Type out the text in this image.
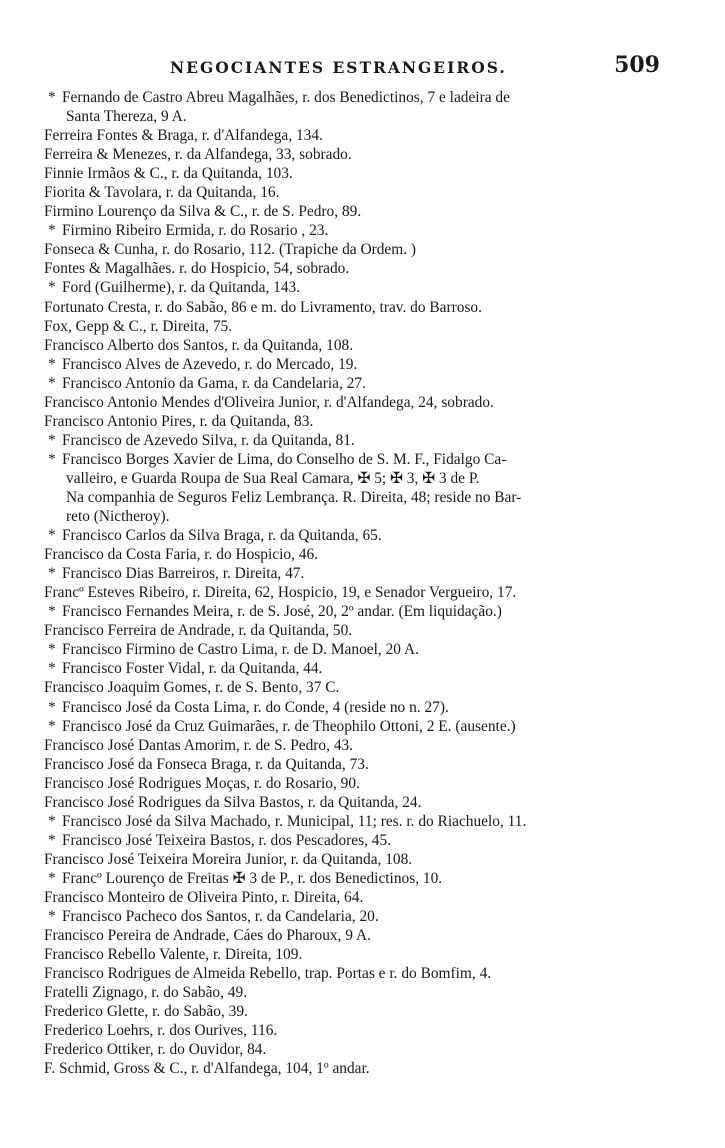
NEGOCIANTES ESTRANGEIROS.	509
* Fernando de Castro Abreu Magalhães, r. dos Benedictinos, 7 e ladeira de
Santa Thereza, 9 A.
Ferreira Fontes & Braga, r. d'Alfandega, 134.
Ferreira & Menezes, r. da Alfandega, 33, sobrado.
Finnie Irmãos & C., r. da Quitanda, 103.
Fiorita & Tavolara, r. da Quitanda, 16.
Firmino Lourenço da Silva & C., r. de S. Pedro, 89.
* Firmino Ribeiro Ermida, r. do Rosario , 23.
Fonseca & Cunha, r. do Rosario, 112. (Trapiche da Ordem. )
Fontes & Magalhães. r. do Hospicio, 54, sobrado.
* Ford (Guilherme), r. da Quitanda, 143.
Fortunato Cresta, r. do Sabão, 86 e m. do Livramento, trav. do Barroso.
Fox, Gepp & C., r. Direita, 75.
Francisco Alberto dos Santos, r. da Quitanda, 108.
* Francisco Alves de Azevedo, r. do Mercado, 19.
* Francisco Antonio da Gama, r. da Candelaria, 27.
Francisco Antonio Mendes d'Oliveira Junior, r. d'Alfandega, 24, sobrado.
Francisco Antonio Pires, r. da Quitanda, 83.
* Francisco de Azevedo Silva, r. da Quitanda, 81.
* Francisco Borges Xavier de Lima, do Conselho de S. M. F., Fidalgo Ca-
valleiro, e Guarda Roupa de Sua Real Camara, ✠ 5; ✠ 3, ✠ 3 de P.
Na companhia de Seguros Feliz Lembrança. R. Direita, 48; reside no Bar-
reto (Nictheroy).
* Francisco Carlos da Silva Braga, r. da Quitanda, 65.
Francisco da Costa Faria, r. do Hospicio, 46.
* Francisco Dias Barreiros, r. Direita, 47.
Francº Esteves Ribeiro, r. Direita, 62, Hospicio, 19, e Senador Vergueiro, 17.
* Francisco Fernandes Meira, r. de S. José, 20, 2º andar. (Em liquidação.)
Francisco Ferreira de Andrade, r. da Quitanda, 50.
* Francisco Firmino de Castro Lima, r. de D. Manoel, 20 A.
* Francisco Foster Vidal, r. da Quitanda, 44.
Francisco Joaquim Gomes, r. de S. Bento, 37 C.
* Francisco José da Costa Lima, r. do Conde, 4 (reside no n. 27).
* Francisco José da Cruz Guimarães, r. de Theophilo Ottoni, 2 E. (ausente.)
Francisco José Dantas Amorim, r. de S. Pedro, 43.
Francisco José da Fonseca Braga, r. da Quitanda, 73.
Francisco José Rodrigues Moças, r. do Rosario, 90.
Francisco José Rodrigues da Silva Bastos, r. da Quitanda, 24.
* Francisco José da Silva Machado, r. Municipal, 11; res. r. do Riachuelo, 11.
* Francisco José Teixeira Bastos, r. dos Pescadores, 45.
Francisco José Teixeira Moreira Junior, r. da Quitanda, 108.
* Francº Lourenço de Freitas ✠ 3 de P., r. dos Benedictinos, 10.
Francisco Monteiro de Oliveira Pinto, r. Direita, 64.
* Francisco Pacheco dos Santos, r. da Candelaria, 20.
Francisco Pereira de Andrade, Cáes do Pharoux, 9 A.
Francisco Rebello Valente, r. Direita, 109.
Francisco Rodrigues de Almeida Rebello, trap. Portas e r. do Bomfim, 4.
Fratelli Zignago, r. do Sabão, 49.
Frederico Glette, r. do Sabão, 39.
Frederico Loehrs, r. dos Ourives, 116.
Frederico Ottiker, r. do Ouvidor, 84.
F. Schmid, Gross & C., r. d'Alfandega, 104, 1º andar.
